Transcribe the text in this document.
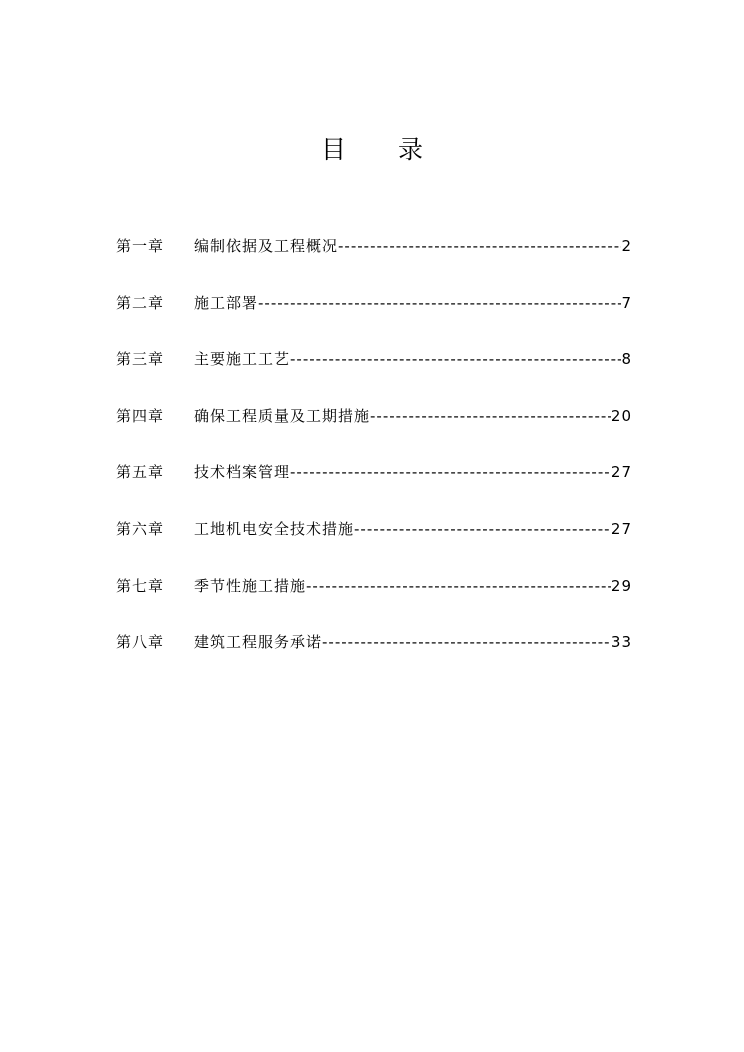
目 录
第一章	编制依据及工程概况 -----	2
第二章	施工部署 -----	7
第三章	主要施工工艺 -----	8
第四章	确保工程质量及工期措施 -----	20
第五章	技术档案管理 -----	27
第六章	工地机电安全技术措施 -----	27
第七章	季节性施工措施 -----	29
第八章	建筑工程服务承诺 -----	33
